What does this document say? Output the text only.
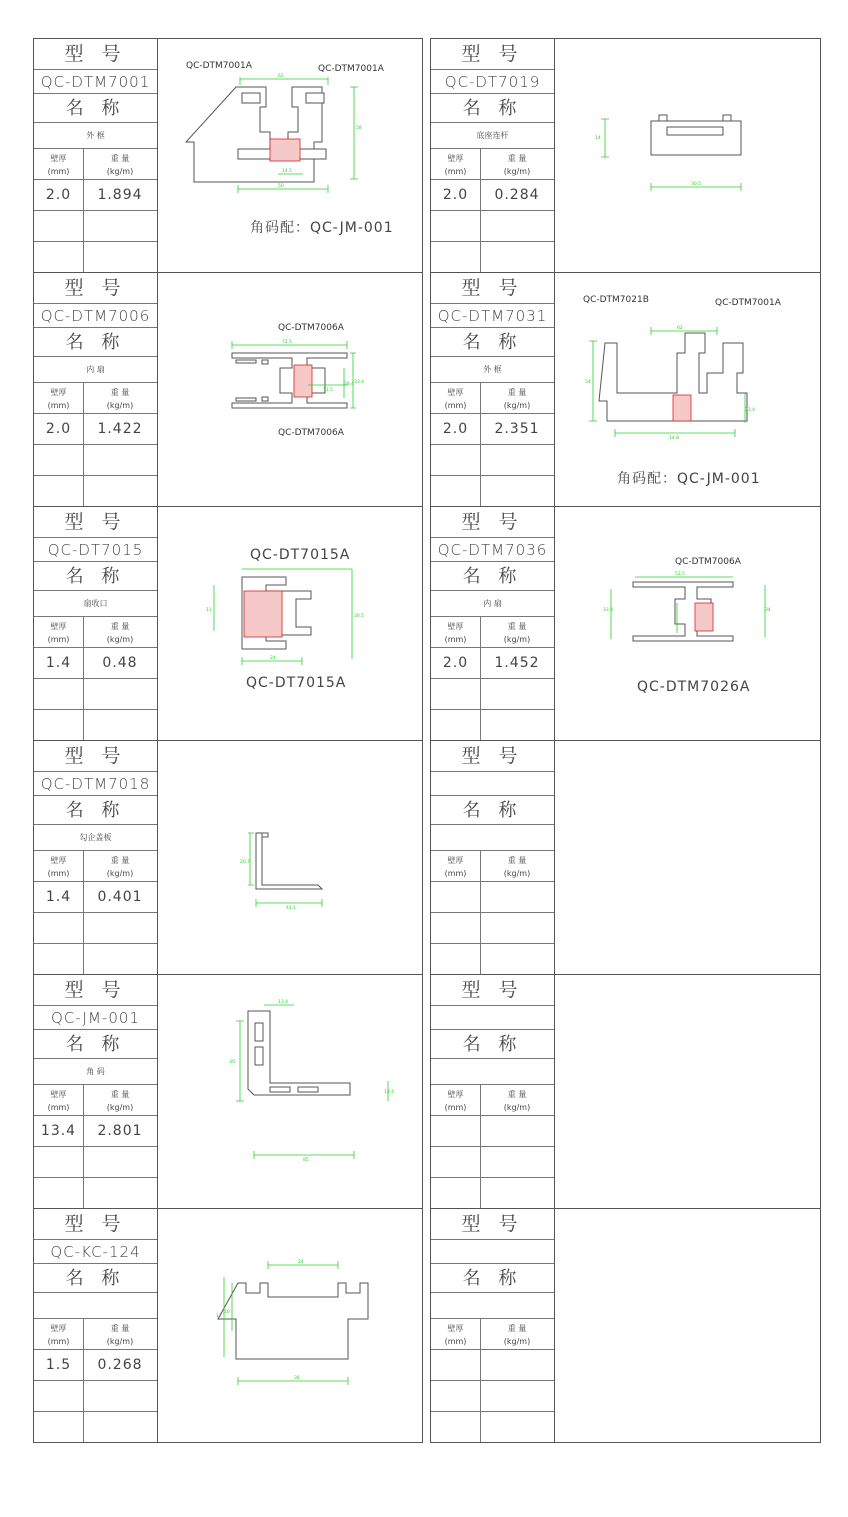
型 号
QC-DTM7001
名 称
外 框
壁厚
(mm)
重 量
(kg/m)
2.0	1.894
QC-DTM7001A	QC-DTM7001A
62
58
50
14.5
角码配：QC-JM-001
型 号
QC-DTM7006
名 称
内 扇
壁厚
(mm)
重 量
(kg/m)
2.0	1.422
QC-DTM7006A
72.5
33.4
28.4
11.5
QC-DTM7006A
型 号
QC-DT7015
名 称
扇收口
壁厚
(mm)
重 量
(kg/m)
1.4	0.48
QC-DT7015A
30.5
24
11
QC-DT7015A
型 号
QC-DTM7018
名 称
勾企盖板
壁厚
(mm)
重 量
(kg/m)
1.4	0.401
20.7
41.1
型 号
QC-JM-001
名 称
角 码
壁厚
(mm)
重 量
(kg/m)
13.4	2.801
85
85
13.4
13.4
型 号
QC-KC-124
名 称
壁厚
(mm)
重 量
(kg/m)
1.5	0.268
24
12
10
38
型 号
QC-DT7019
名 称
底座连杆
壁厚
(mm)
重 量
(kg/m)
2.0	0.284
14
30.5
型 号
QC-DTM7031
名 称
外 框
壁厚
(mm)
重 量
(kg/m)
2.0	2.351
QC-DTM7021B	QC-DTM7001A
62
54
14.8
23.4
角码配：QC-JM-001
型 号
QC-DTM7036
名 称
内 扇
壁厚
(mm)
重 量
(kg/m)
2.0	1.452
QC-DTM7006A
52.5
34
33.4
QC-DTM7026A
型 号
名 称
壁厚
(mm)
重 量
(kg/m)
型 号
名 称
壁厚
(mm)
重 量
(kg/m)
型 号
名 称
壁厚
(mm)
重 量
(kg/m)
